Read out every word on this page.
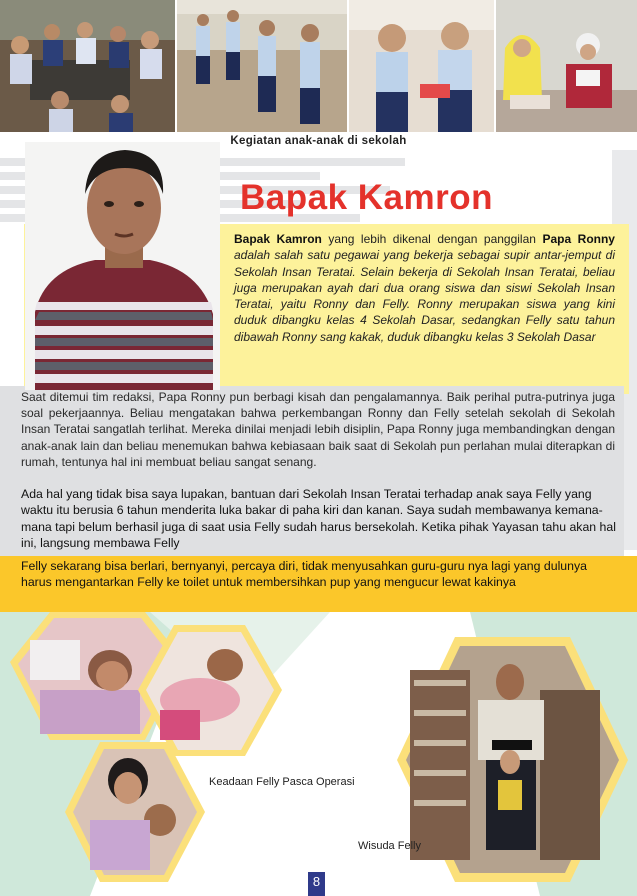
Kegiatan anak-anak di sekolah
Bapak Kamron
Bapak Kamron yang lebih dikenal dengan panggilan Papa Ronny adalah salah satu pegawai yang bekerja sebagai supir antar-jemput di Sekolah Insan Teratai. Selain bekerja di Sekolah Insan Teratai, beliau juga merupakan ayah dari dua orang siswa dan siswi Sekolah Insan Teratai, yaitu Ronny dan Felly. Ronny merupakan siswa yang kini duduk dibangku kelas 4 Sekolah Dasar, sedangkan Felly satu tahun dibawah Ronny sang kakak, duduk dibangku kelas 3 Sekolah Dasar
Saat ditemui tim redaksi, Papa Ronny pun berbagi kisah dan pengalamannya. Baik perihal putra-putrinya juga soal pekerjaannya. Beliau mengatakan bahwa perkembangan Ronny dan Felly setelah sekolah di Sekolah Insan Teratai sangatlah terlihat. Mereka dinilai menjadi lebih disiplin, Papa Ronny juga membandingkan dengan anak-anak lain dan beliau menemukan bahwa kebiasaan baik saat di Sekolah pun perlahan mulai diterapkan di rumah, tentunya hal ini membuat beliau sangat senang.
Ada hal yang tidak bisa saya lupakan, bantuan dari Sekolah Insan Teratai terhadap anak saya Felly yang waktu itu berusia 6 tahun menderita luka bakar di paha kiri dan kanan. Saya sudah membawanya kemana-mana tapi belum berhasil juga di saat usia Felly sudah harus bersekolah. Ketika pihak Yayasan tahu akan hal ini, langsung membawa Felly
Felly sekarang bisa berlari, bernyanyi, percaya diri, tidak menyusahkan guru-guru nya lagi yang dulunya harus mengantarkan Felly ke toilet untuk membersihkan pup yang mengucur lewat kakinya
Keadaan Felly Pasca Operasi
Wisuda Felly
8
